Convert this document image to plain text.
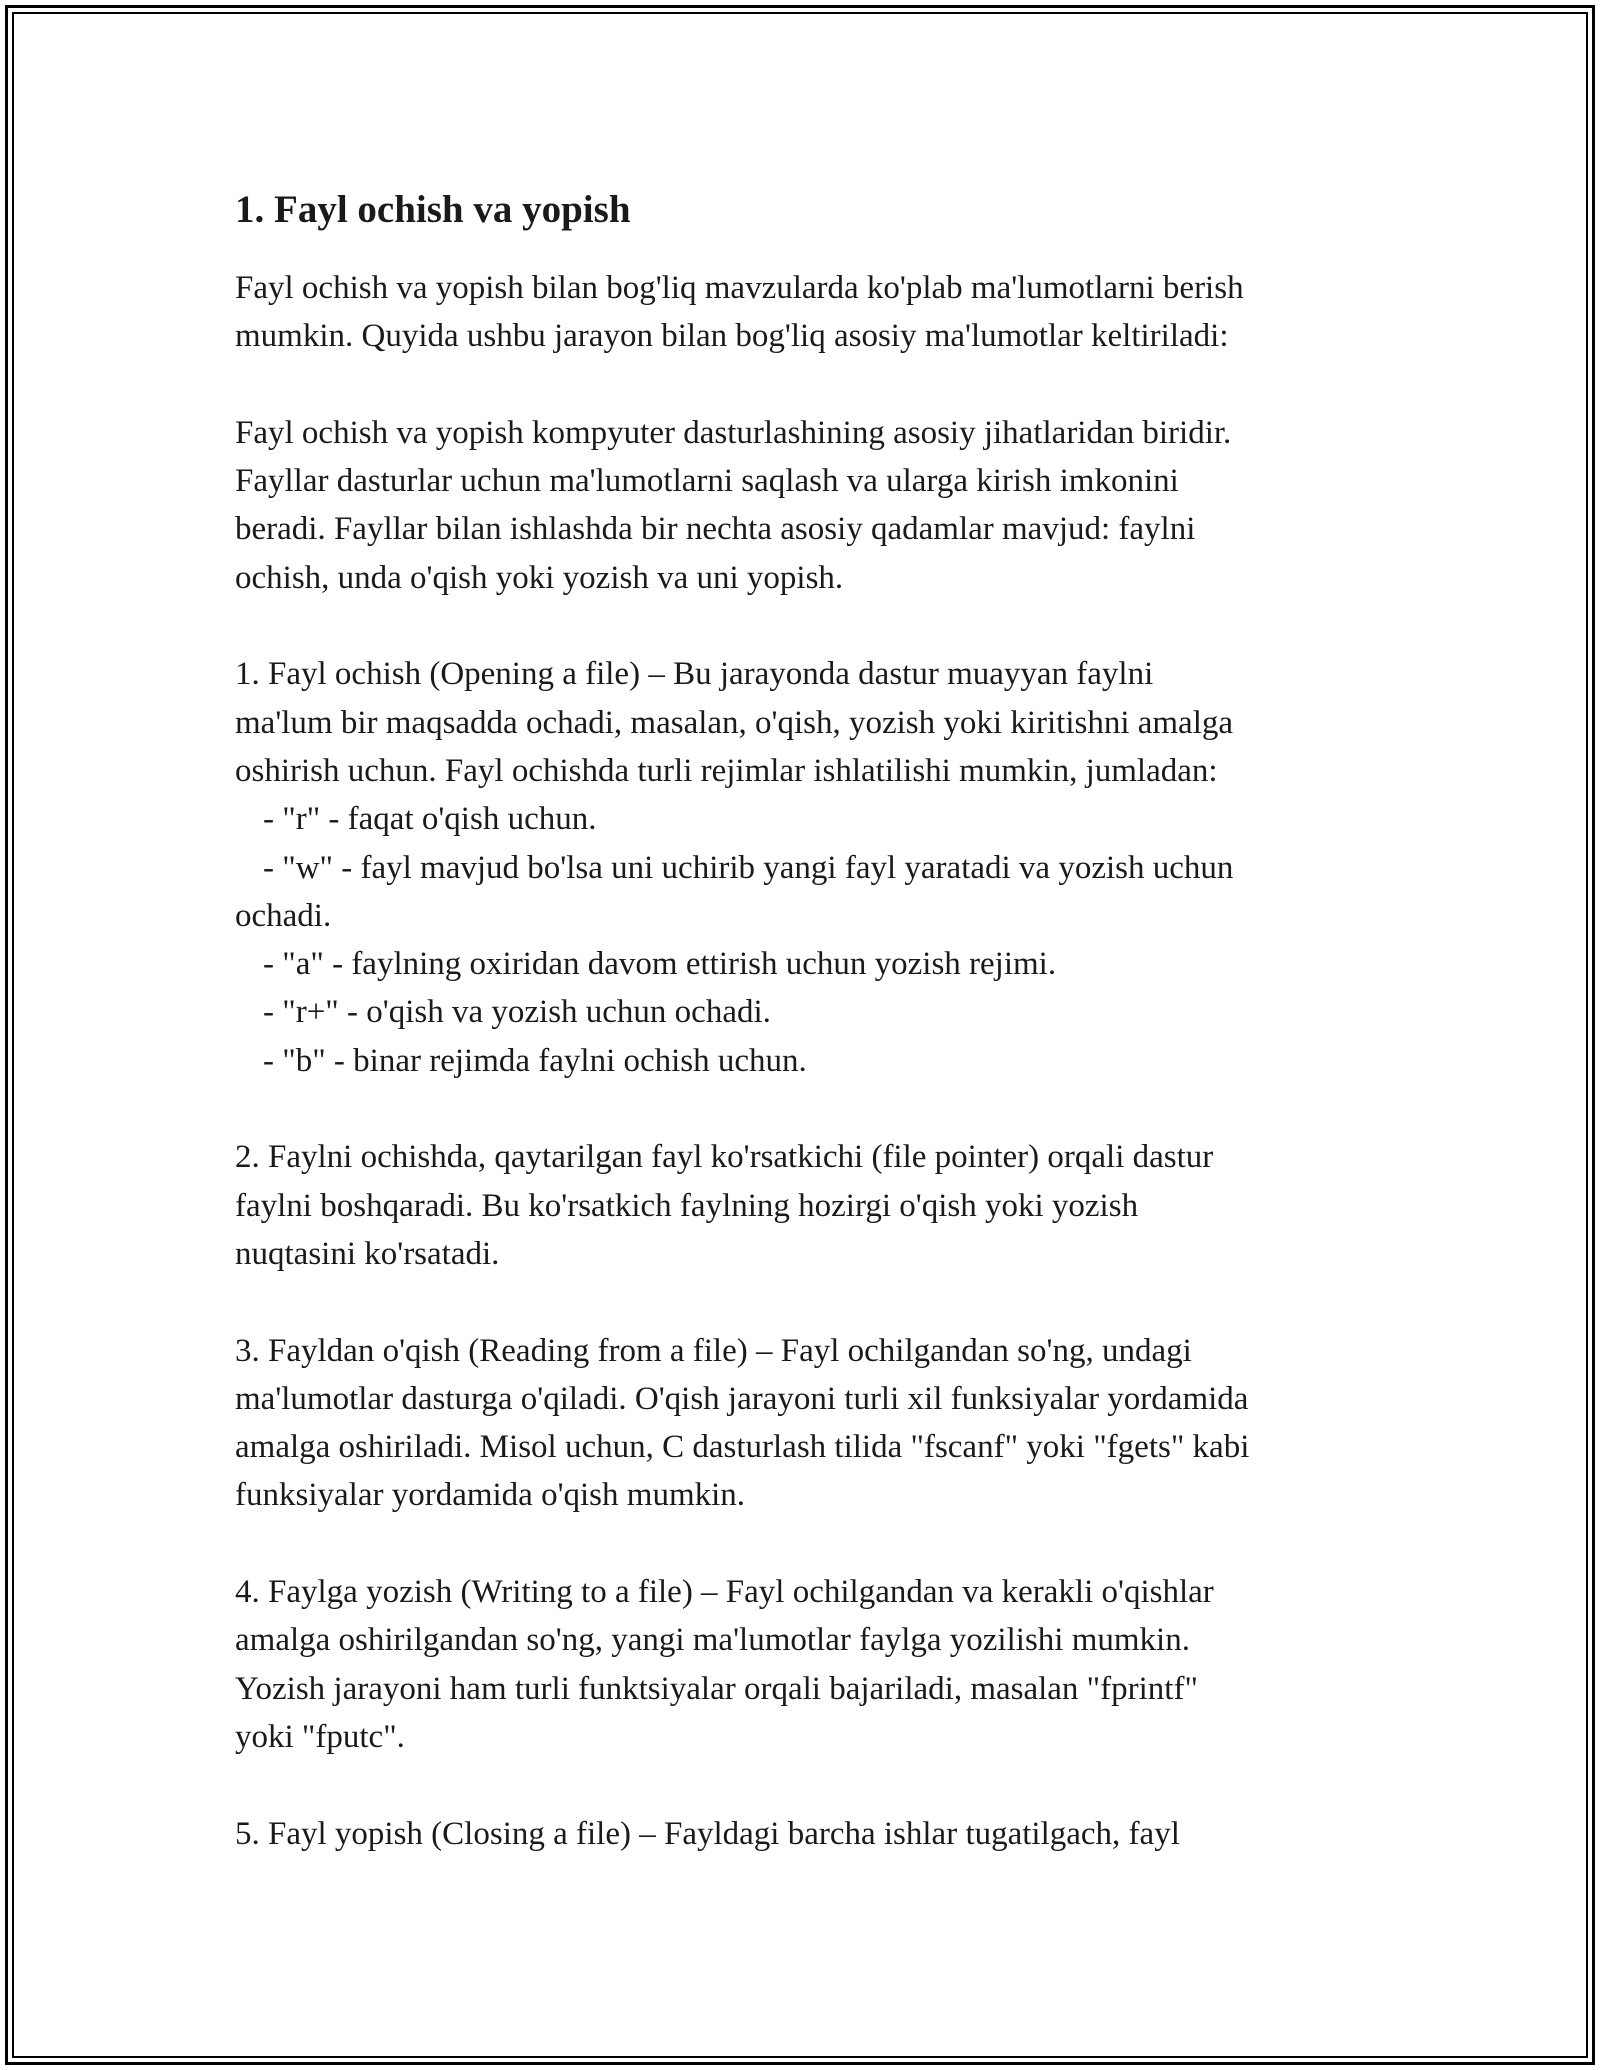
1. Fayl ochish va yopish
Fayl ochish va yopish bilan bog'liq mavzularda ko'plab ma'lumotlarni berish
mumkin. Quyida ushbu jarayon bilan bog'liq asosiy ma'lumotlar keltiriladi:
Fayl ochish va yopish kompyuter dasturlashining asosiy jihatlaridan biridir.
Fayllar dasturlar uchun ma'lumotlarni saqlash va ularga kirish imkonini
beradi. Fayllar bilan ishlashda bir nechta asosiy qadamlar mavjud: faylni
ochish, unda o'qish yoki yozish va uni yopish.
1. Fayl ochish (Opening a file) – Bu jarayonda dastur muayyan faylni
ma'lum bir maqsadda ochadi, masalan, o'qish, yozish yoki kiritishni amalga
oshirish uchun. Fayl ochishda turli rejimlar ishlatilishi mumkin, jumladan:
- "r" - faqat o'qish uchun.
- "w" - fayl mavjud bo'lsa uni uchirib yangi fayl yaratadi va yozish uchun
ochadi.
- "a" - faylning oxiridan davom ettirish uchun yozish rejimi.
- "r+" - o'qish va yozish uchun ochadi.
- "b" - binar rejimda faylni ochish uchun.
2. Faylni ochishda, qaytarilgan fayl ko'rsatkichi (file pointer) orqali dastur
faylni boshqaradi. Bu ko'rsatkich faylning hozirgi o'qish yoki yozish
nuqtasini ko'rsatadi.
3. Fayldan o'qish (Reading from a file) – Fayl ochilgandan so'ng, undagi
ma'lumotlar dasturga o'qiladi. O'qish jarayoni turli xil funksiyalar yordamida
amalga oshiriladi. Misol uchun, C dasturlash tilida "fscanf" yoki "fgets" kabi
funksiyalar yordamida o'qish mumkin.
4. Faylga yozish (Writing to a file) – Fayl ochilgandan va kerakli o'qishlar
amalga oshirilgandan so'ng, yangi ma'lumotlar faylga yozilishi mumkin.
Yozish jarayoni ham turli funktsiyalar orqali bajariladi, masalan "fprintf"
yoki "fputc".
5. Fayl yopish (Closing a file) – Fayldagi barcha ishlar tugatilgach, fayl
